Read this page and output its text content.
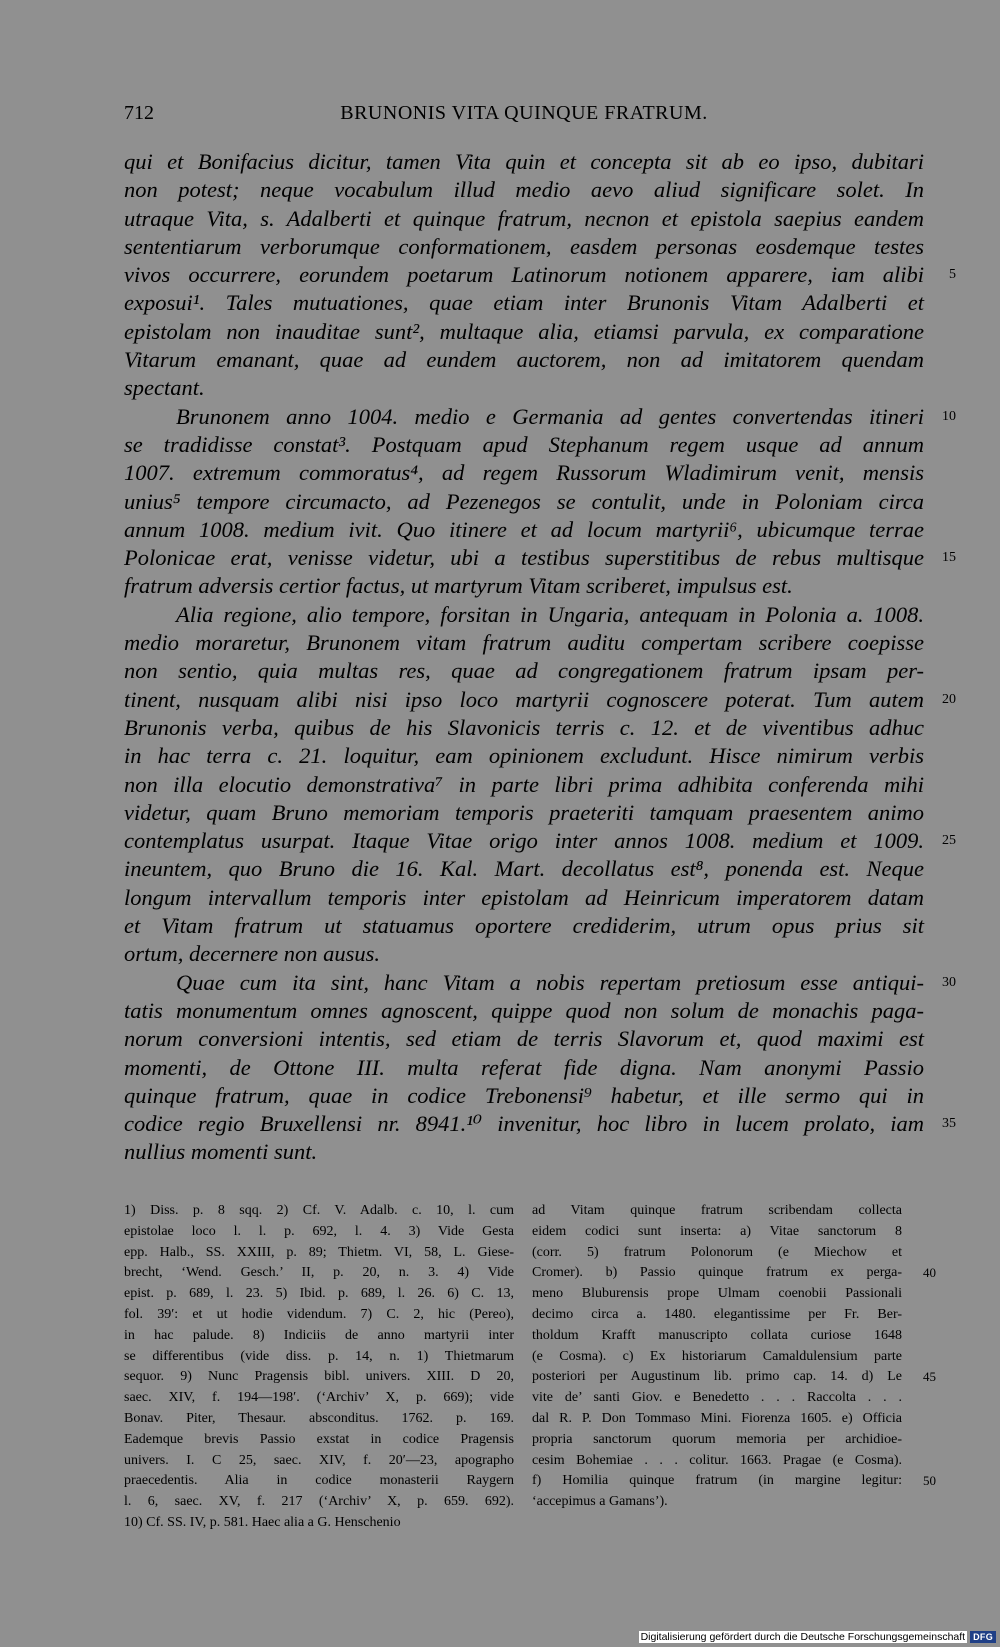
712	BRUNONIS VITA QUINQUE FRATRUM.
qui et Bonifacius dicitur, tamen Vita quin et concepta sit ab eo ipso, dubitari
non potest; neque vocabulum illud medio aevo aliud significare solet. In
utraque Vita, s. Adalberti et quinque fratrum, necnon et epistola saepius eandem
sententiarum verborumque conformationem, easdem personas eosdemque testes
vivos occurrere, eorundem poetarum Latinorum notionem apparere, iam alibi 5
exposui¹. Tales mutuationes, quae etiam inter Brunonis Vitam Adalberti et
epistolam non inauditae sunt², multaque alia, etiamsi parvula, ex comparatione
Vitarum emanant, quae ad eundem auctorem, non ad imitatorem quendam
spectant.
Brunonem anno 1004. medio e Germania ad gentes convertendas itineri 10
se tradidisse constat³. Postquam apud Stephanum regem usque ad annum
1007. extremum commoratus⁴, ad regem Russorum Wladimirum venit, mensis
unius⁵ tempore circumacto, ad Pezenegos se contulit, unde in Poloniam circa
annum 1008. medium ivit. Quo itinere et ad locum martyrii⁶, ubicumque terrae
Polonicae erat, venisse videtur, ubi a testibus superstitibus de rebus multisque 15
fratrum adversis certior factus, ut martyrum Vitam scriberet, impulsus est.
Alia regione, alio tempore, forsitan in Ungaria, antequam in Polonia a. 1008.
medio moraretur, Brunonem vitam fratrum auditu compertam scribere coepisse
non sentio, quia multas res, quae ad congregationem fratrum ipsam per-
tinent, nusquam alibi nisi ipso loco martyrii cognoscere poterat. Tum autem 20
Brunonis verba, quibus de his Slavonicis terris c. 12. et de viventibus adhuc
in hac terra c. 21. loquitur, eam opinionem excludunt. Hisce nimirum verbis
non illa elocutio demonstrativa⁷ in parte libri prima adhibita conferenda mihi
videtur, quam Bruno memoriam temporis praeteriti tamquam praesentem animo
contemplatus usurpat. Itaque Vitae origo inter annos 1008. medium et 1009. 25
ineuntem, quo Bruno die 16. Kal. Mart. decollatus est⁸, ponenda est. Neque
longum intervallum temporis inter epistolam ad Heinricum imperatorem datam
et Vitam fratrum ut statuamus oportere crediderim, utrum opus prius sit
ortum, decernere non ausus.
Quae cum ita sint, hanc Vitam a nobis repertam pretiosum esse antiqui- 30
tatis monumentum omnes agnoscent, quippe quod non solum de monachis paga-
norum conversioni intentis, sed etiam de terris Slavorum et, quod maximi est
momenti, de Ottone III. multa referat fide digna. Nam anonymi Passio
quinque fratrum, quae in codice Trebonensi⁹ habetur, et ille sermo qui in
codice regio Bruxellensi nr. 8941.¹⁰ invenitur, hoc libro in lucem prolato, iam 35
nullius momenti sunt.
1) Diss. p. 8 sqq. 2) Cf. V. Adalb. c. 10, l. cum
epistolae loco l. l. p. 692, l. 4. 3) Vide Gesta
epp. Halb., SS. XXIII, p. 89; Thietm. VI, 58, L. Giese-
brecht, ‘Wend. Gesch.’ II, p. 20, n. 3. 4) Vide
epist. p. 689, l. 23. 5) Ibid. p. 689, l. 26. 6) C. 13,
fol. 39′: et ut hodie videndum. 7) C. 2, hic (Pereo),
in hac palude. 8) Indiciis de anno martyrii inter
se differentibus (vide diss. p. 14, n. 1) Thietmarum
sequor. 9) Nunc Pragensis bibl. univers. XIII. D 20,
saec. XIV, f. 194—198′. (‘Archiv’ X, p. 669); vide
Bonav. Piter, Thesaur. absconditus. 1762. p. 169.
Eademque brevis Passio exstat in codice Pragensis
univers. I. C 25, saec. XIV, f. 20′—23, apographo
praecedentis. Alia in codice monasterii Raygern
l. 6, saec. XV, f. 217 (‘Archiv’ X, p. 659. 692).
10) Cf. SS. IV, p. 581. Haec alia a G. Henschenio
ad Vitam quinque fratrum scribendam collecta
eidem codici sunt inserta: a) Vitae sanctorum 8
(corr. 5) fratrum Polonorum (e Miechow et
Cromer). b) Passio quinque fratrum ex perga- 40
meno Bluburensis prope Ulmam coenobii Passionali
decimo circa a. 1480. elegantissime per Fr. Ber-
tholdum Krafft manuscripto collata curiose 1648
(e Cosma). c) Ex historiarum Camaldulensium parte
posteriori per Augustinum lib. primo cap. 14. d) Le 45
vite de’ santi Giov. e Benedetto . . . Raccolta . . .
dal R. P. Don Tommaso Mini. Fiorenza 1605. e) Officia
propria sanctorum quorum memoria per archidioe-
cesim Bohemiae . . . colitur. 1663. Pragae (e Cosma).
f) Homilia quinque fratrum (in margine legitur: 50
‘accepimus a Gamans’).
Digitalisierung gefördert durch die Deutsche Forschungsgemeinschaft DFG
